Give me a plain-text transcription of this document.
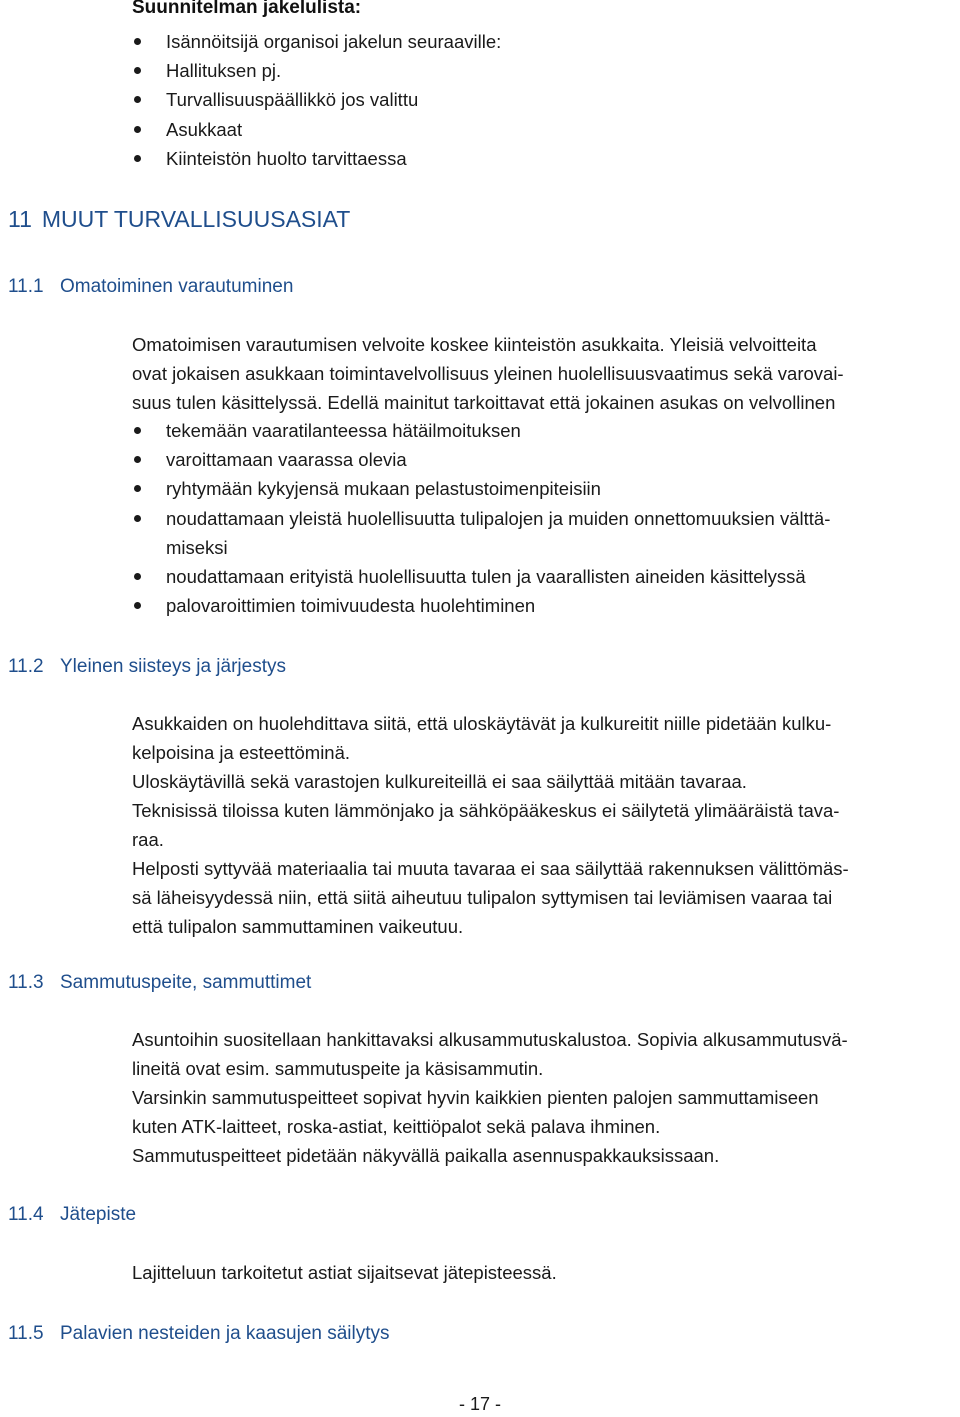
Suunnitelman jakelulista:
Isännöitsijä organisoi jakelun seuraaville:
Hallituksen pj.
Turvallisuuspäällikkö jos valittu
Asukkaat
Kiinteistön huolto tarvittaessa
11 MUUT TURVALLISUUSASIAT
11.1 Omatoiminen varautuminen

Omatoimisen varautumisen velvoite koskee kiinteistön asukkaita. Yleisiä velvoitteita

ovat jokaisen asukkaan toimintavelvollisuus yleinen huolellisuusvaatimus sekä varovai-

suus tulen käsittelyssä. Edellä mainitut tarkoittavat että jokainen asukas on velvollinen

tekemään vaaratilanteessa hätäilmoituksen
varoittamaan vaarassa olevia
ryhtymään kykyjensä mukaan pelastustoimenpiteisiin
noudattamaan yleistä huolellisuutta tulipalojen ja muiden onnettomuuksien välttä-
miseksi
noudattamaan erityistä huolellisuutta tulen ja vaarallisten aineiden käsittelyssä
palovaroittimien toimivuudesta huolehtiminen
11.2 Yleinen siisteys ja järjestys

Asukkaiden on huolehdittava siitä, että uloskäytävät ja kulkureitit niille pidetään kulku-

kelpoisina ja esteettöminä.

Uloskäytävillä sekä varastojen kulkureiteillä ei saa säilyttää mitään tavaraa.

Teknisissä tiloissa kuten lämmönjako ja sähköpääkeskus ei säilytetä ylimääräistä tava-

raa.

Helposti syttyvää materiaalia tai muuta tavaraa ei saa säilyttää rakennuksen välittömäs-

sä läheisyydessä niin, että siitä aiheutuu tulipalon syttymisen tai leviämisen vaaraa tai

että tulipalon sammuttaminen vaikeutuu.

11.3 Sammutuspeite, sammuttimet

Asuntoihin suositellaan hankittavaksi alkusammutuskalustoa. Sopivia alkusammutusvä-

lineitä ovat esim. sammutuspeite ja käsisammutin.

Varsinkin sammutuspeitteet sopivat hyvin kaikkien pienten palojen sammuttamiseen

kuten ATK-laitteet, roska-astiat, keittiöpalot sekä palava ihminen.

Sammutuspeitteet pidetään näkyvällä paikalla asennuspakkauksissaan.

11.4 Jätepiste

Lajitteluun tarkoitetut astiat sijaitsevat jätepisteessä.

11.5 Palavien nesteiden ja kaasujen säilytys
- 17 -
